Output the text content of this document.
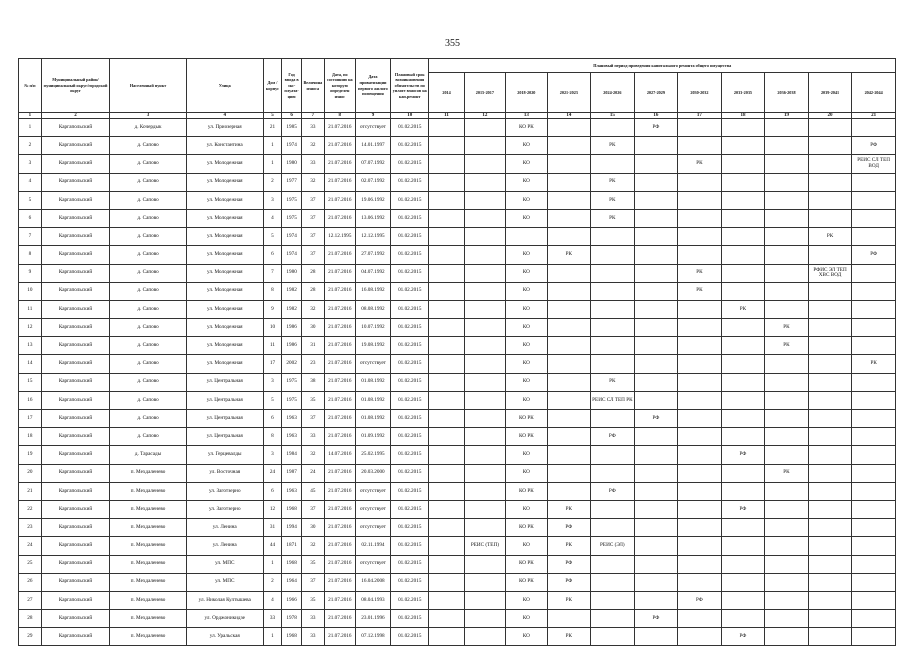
355
№ п/п	Муниципальный район/ муниципальный округ/городской округ	Населенный пункт	Улица	Дом / корпус	Год ввода в экс-плуата-цию	Величина износа	Дата, по состоянию на которую определен износ	Дата приватизации первого жилого помещения	Плановый срок возникновения обязательств по уплате взносов на кап.ремонт	Плановый период проведения капитального ремонта общего имущества										
										2014	2015-2017	2018-2020	2021-2023	2024-2026	2027-2029	2030-2032	2033-2035	2036-2038	2039-2041	2042-2044
1	2	3	4	5	6	7	8	9	10	11	12	13	14	15	16	17	18	19	20	21
1	Каргапольский	д. Кочердык	ул. Приозерная	21	1985	33	21.07.2016	отсутствует	01.02.2015			КО РК			РФ					
2	Каргапольский	д. Сапово	ул. Константина	1	1974	32	21.07.2016	14.01.1997	01.02.2015			КО		РК						РФ
3	Каргапольский	д. Сапово	ул. Молодежная	1	1980	33	21.07.2016	07.07.1992	01.02.2015			КО				РК				РЕИС СЛ ТЕП ВОД
4	Каргапольский	д. Сапово	ул. Молодежная	2	1977	32	21.07.2016	02.07.1992	01.02.2015			КО		РК						
5	Каргапольский	д. Сапово	ул. Молодежная	3	1975	37	21.07.2016	19.06.1992	01.02.2015			КО		РК						
6	Каргапольский	д. Сапово	ул. Молодежная	4	1975	37	21.07.2016	13.06.1992	01.02.2015			КО		РК						
7	Каргапольский	д. Сапово	ул. Молодежная	5	1974	37	12.12.1995	12.12.1995	01.02.2015										РК	
8	Каргапольский	д. Сапово	ул. Молодежная	6	1974	37	21.07.2016	27.07.1992	01.02.2015			КО	РК							РФ
9	Каргапольский	д. Сапово	ул. Молодежная	7	1980	28	21.07.2016	04.07.1992	01.02.2015			КО				РК			РФИС ЭЛ ТЕП ХВС ВОД	
10	Каргапольский	д. Сапово	ул. Молодежная	8	1982	28	21.07.2016	16.08.1992	01.02.2015			КО				РК				
11	Каргапольский	д. Сапово	ул. Молодежная	9	1982	32	21.07.2016	08.08.1992	01.02.2015			КО					РК			
12	Каргапольский	д. Сапово	ул. Молодежная	10	1986	30	21.07.2016	10.07.1992	01.02.2015			КО						РК		
13	Каргапольский	д. Сапово	ул. Молодежная	11	1986	31	21.07.2016	19.08.1992	01.02.2015			КО						РК		
14	Каргапольский	д. Сапово	ул. Молодежная	17	2002	23	21.07.2016	отсутствует	01.02.2015			КО								РК
15	Каргапольский	д. Сапово	ул. Центральная	3	1975	38	21.07.2016	01.08.1992	01.02.2015			КО		РК						
16	Каргапольский	д. Сапово	ул. Центральная	5	1975	35	21.07.2016	01.08.1992	01.02.2015			КО		РЕИС СЛ ТЕП РК						
17	Каргапольский	д. Сапово	ул. Центральная	6	1963	37	21.07.2016	01.08.1992	01.02.2015			КО РК			РФ					
18	Каргапольский	д. Сапово	ул. Центральная	8	1963	33	21.07.2016	01.09.1992	01.02.2015			КО РК		РФ						
19	Каргапольский	д. Тарасады	ул. Герцевалды	3	1984	32	14.07.2016	25.02.1995	01.02.2015			КО					РФ			
20	Каргапольский	п. Мехдаленево	ул. Восточная	24	1987	24	21.07.2016	20.03.2000	01.02.2015			КО						РК		
21	Каргапольский	п. Мехдаленево	ул. Заготзерно	6	1963	45	21.07.2016	отсутствует	01.02.2015			КО РК		РФ						
22	Каргапольский	п. Мехдаленево	ул. Заготзерно	12	1968	37	21.07.2016	отсутствует	01.02.2015			КО	РК				РФ			
23	Каргапольский	п. Мехдаленево	ул. Ленина	31	1994	30	21.07.2016	отсутствует	01.02.2015			КО РК	РФ							
24	Каргапольский	п. Мехдаленево	ул. Ленина	44	1871	32	21.07.2016	02.11.1994	01.02.2015		РЕИС (ТЕП)	КО	РК	РЕИС (ЭЛ)						
25	Каргапольский	п. Мехдаленево	ул. МПС	1	1968	35	21.07.2016	отсутствует	01.02.2015			КО РК	РФ							
26	Каргапольский	п. Мехдаленево	ул. МПС	2	1964	37	21.07.2016	16.04.2008	01.02.2015			КО РК	РФ							
27	Каргапольский	п. Мехдаленево	ул. Николая Култышева	4	1966	35	21.07.2016	08.04.1993	01.02.2015			КО	РК			РФ				
28	Каргапольский	п. Мехдаленево	ул. Орджоникидзе	33	1978	33	21.07.2016	23.01.1996	01.02.2015			КО			РФ					
29	Каргапольский	п. Мехдаленево	ул. Уральская	1	1968	33	21.07.2016	07.12.1998	01.02.2015			КО	РК				РФ			
